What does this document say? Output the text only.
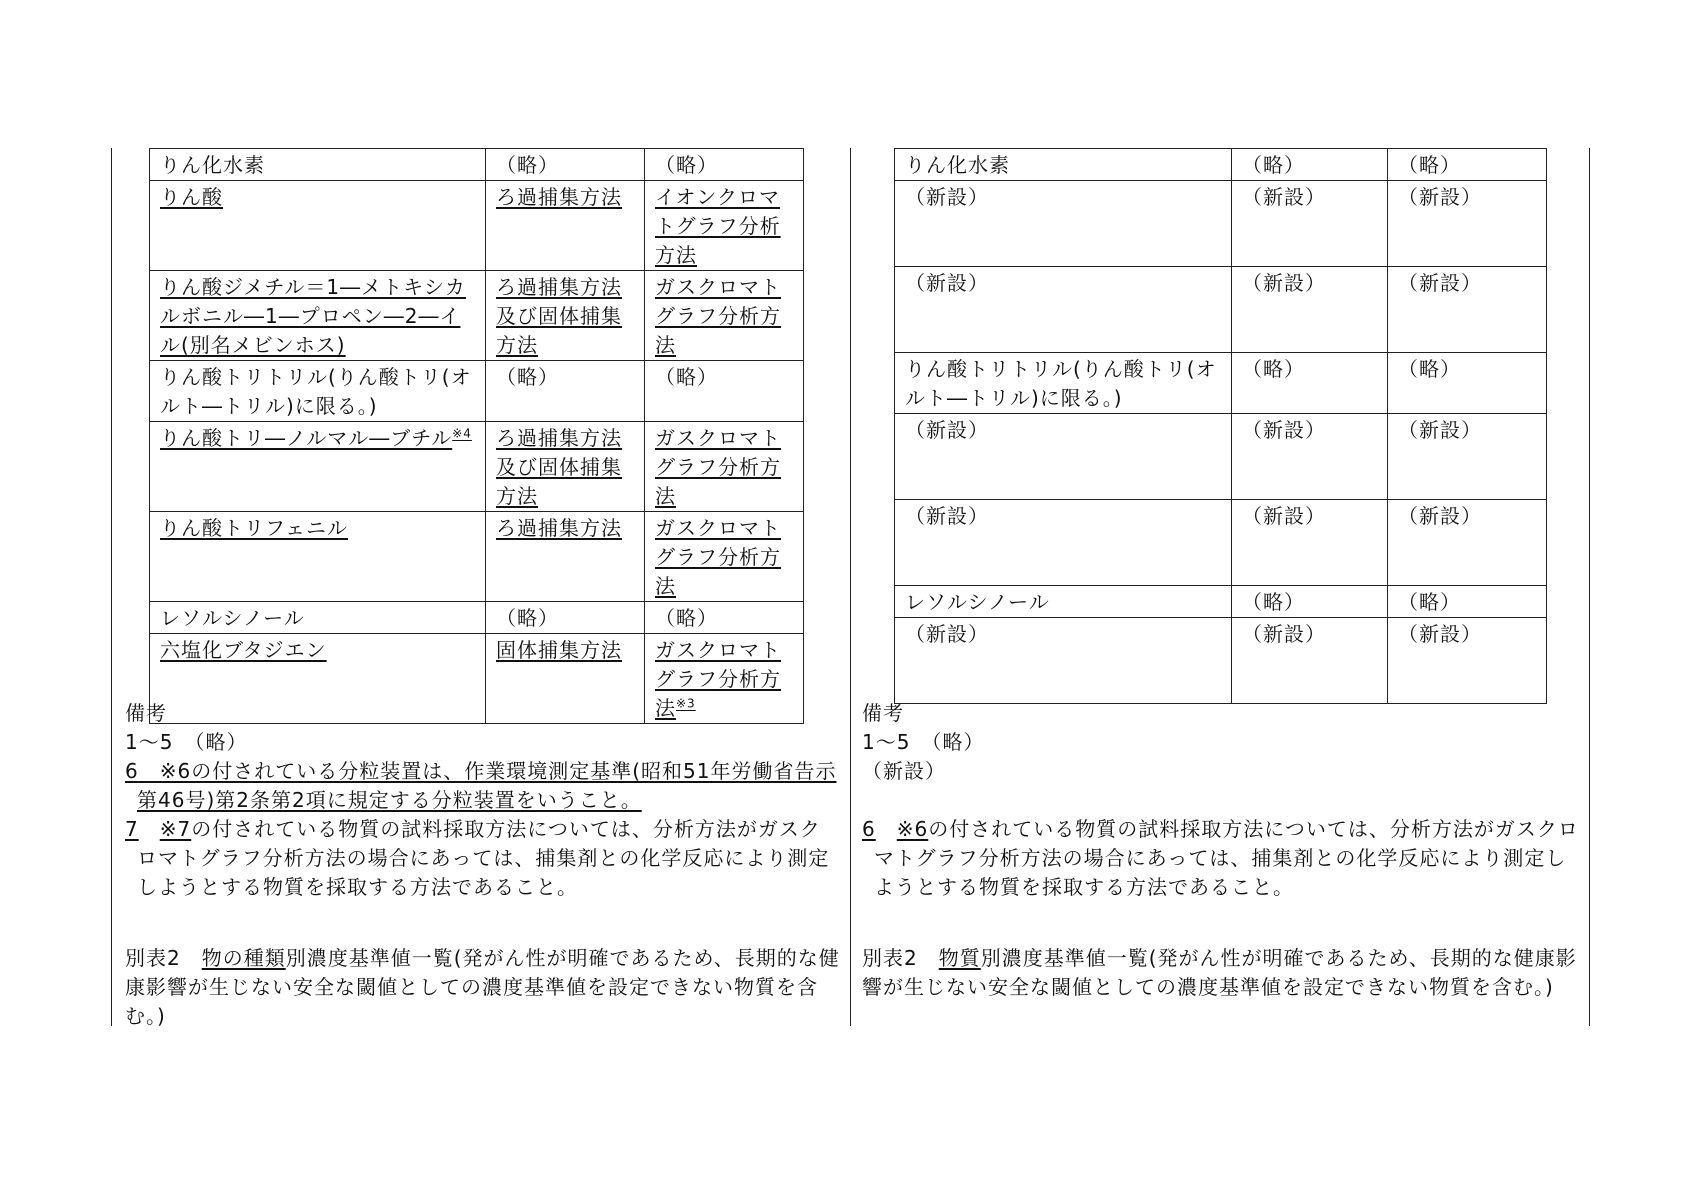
りん化水素	（略）	（略）
りん酸	ろ過捕集方法	イオンクロマトグラフ分析方法
りん酸ジメチル＝1―メトキシカルボニル―1―プロペン―2―イル(別名メビンホス)	ろ過捕集方法及び固体捕集方法	ガスクロマトグラフ分析方法
りん酸トリトリル(りん酸トリ(オルト―トリル)に限る。)	（略）	（略）
りん酸トリ―ノルマル―ブチル$^{※4}$	ろ過捕集方法及び固体捕集方法	ガスクロマトグラフ分析方法
りん酸トリフェニル	ろ過捕集方法	ガスクロマトグラフ分析方法
レソルシノール	（略）	（略）
六塩化ブタジエン	固体捕集方法	ガスクロマトグラフ分析方法$^{※3}$
りん化水素	（略）	（略）
（新設）	（新設）	（新設）
（新設）	（新設）	（新設）
りん酸トリトリル(りん酸トリ(オルト―トリル)に限る。)	（略）	（略）
（新設）	（新設）	（新設）
（新設）	（新設）	（新設）
レソルシノール	（略）	（略）
（新設）	（新設）	（新設）
備考
1～5　（略）
6　※6の付されている分粒装置は、作業環境測定基準(昭和51年労働省告示第46号)第2条第2項に規定する分粒装置をいうこと。
7　 ※7の付されている物質の試料採取方法については、分析方法がガスクロマトグラフ分析方法の場合にあっては、捕集剤との化学反応により測定しようとする物質を採取する方法であること。
別表2　物の種類別濃度基準値一覧(発がん性が明確であるため、長期的な健康影響が生じない安全な閾値としての濃度基準値を設定できない物質を含む。)
備考
1～5　（略）
（新設）
6　 ※6の付されている物質の試料採取方法については、分析方法がガスクロマトグラフ分析方法の場合にあっては、捕集剤との化学反応により測定しようとする物質を採取する方法であること。
別表2　物質別濃度基準値一覧(発がん性が明確であるため、長期的な健康影響が生じない安全な閾値としての濃度基準値を設定できない物質を含む。)
